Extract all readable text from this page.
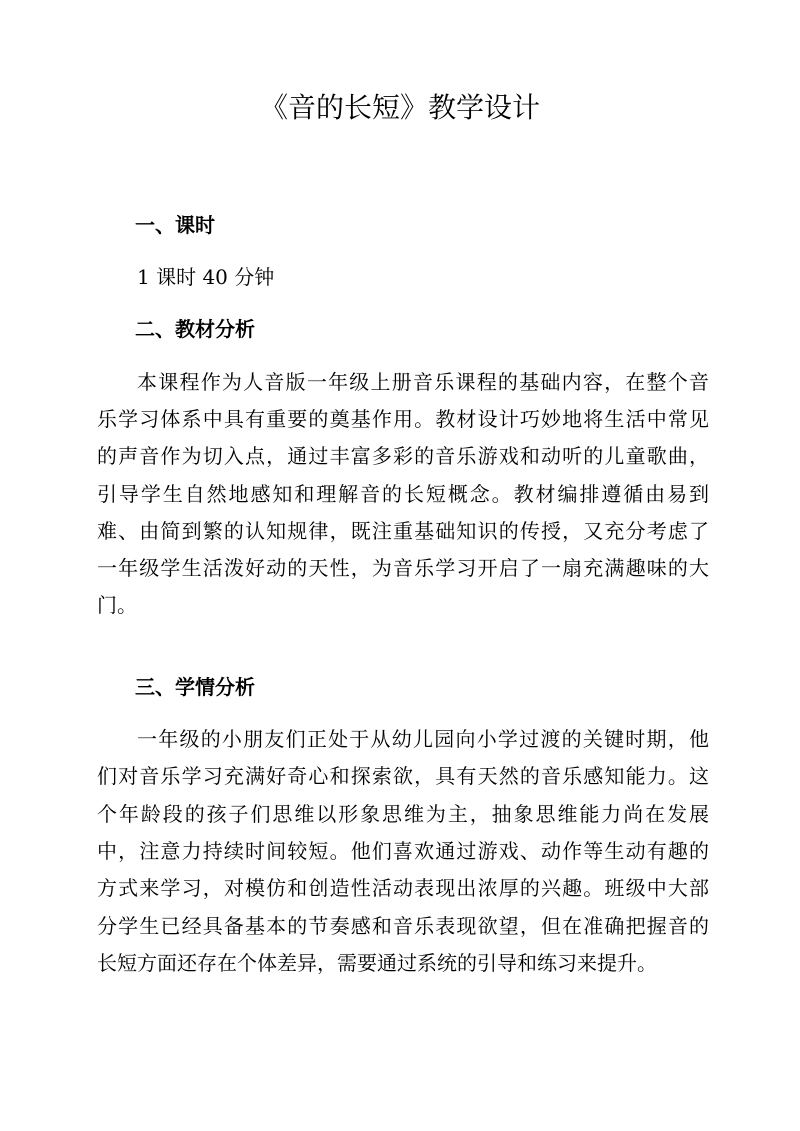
《音的长短》教学设计
一、课时
1 课时 40 分钟
二、教材分析
本课程作为人音版一年级上册音乐课程的基础内容，在整个音
乐学习体系中具有重要的奠基作用。教材设计巧妙地将生活中常见
的声音作为切入点，通过丰富多彩的音乐游戏和动听的儿童歌曲，
引导学生自然地感知和理解音的长短概念。教材编排遵循由易到
难、由简到繁的认知规律，既注重基础知识的传授，又充分考虑了
一年级学生活泼好动的天性，为音乐学习开启了一扇充满趣味的大
门。
三、学情分析
一年级的小朋友们正处于从幼儿园向小学过渡的关键时期，他
们对音乐学习充满好奇心和探索欲，具有天然的音乐感知能力。这
个年龄段的孩子们思维以形象思维为主，抽象思维能力尚在发展
中，注意力持续时间较短。他们喜欢通过游戏、动作等生动有趣的
方式来学习，对模仿和创造性活动表现出浓厚的兴趣。班级中大部
分学生已经具备基本的节奏感和音乐表现欲望，但在准确把握音的
长短方面还存在个体差异，需要通过系统的引导和练习来提升。
